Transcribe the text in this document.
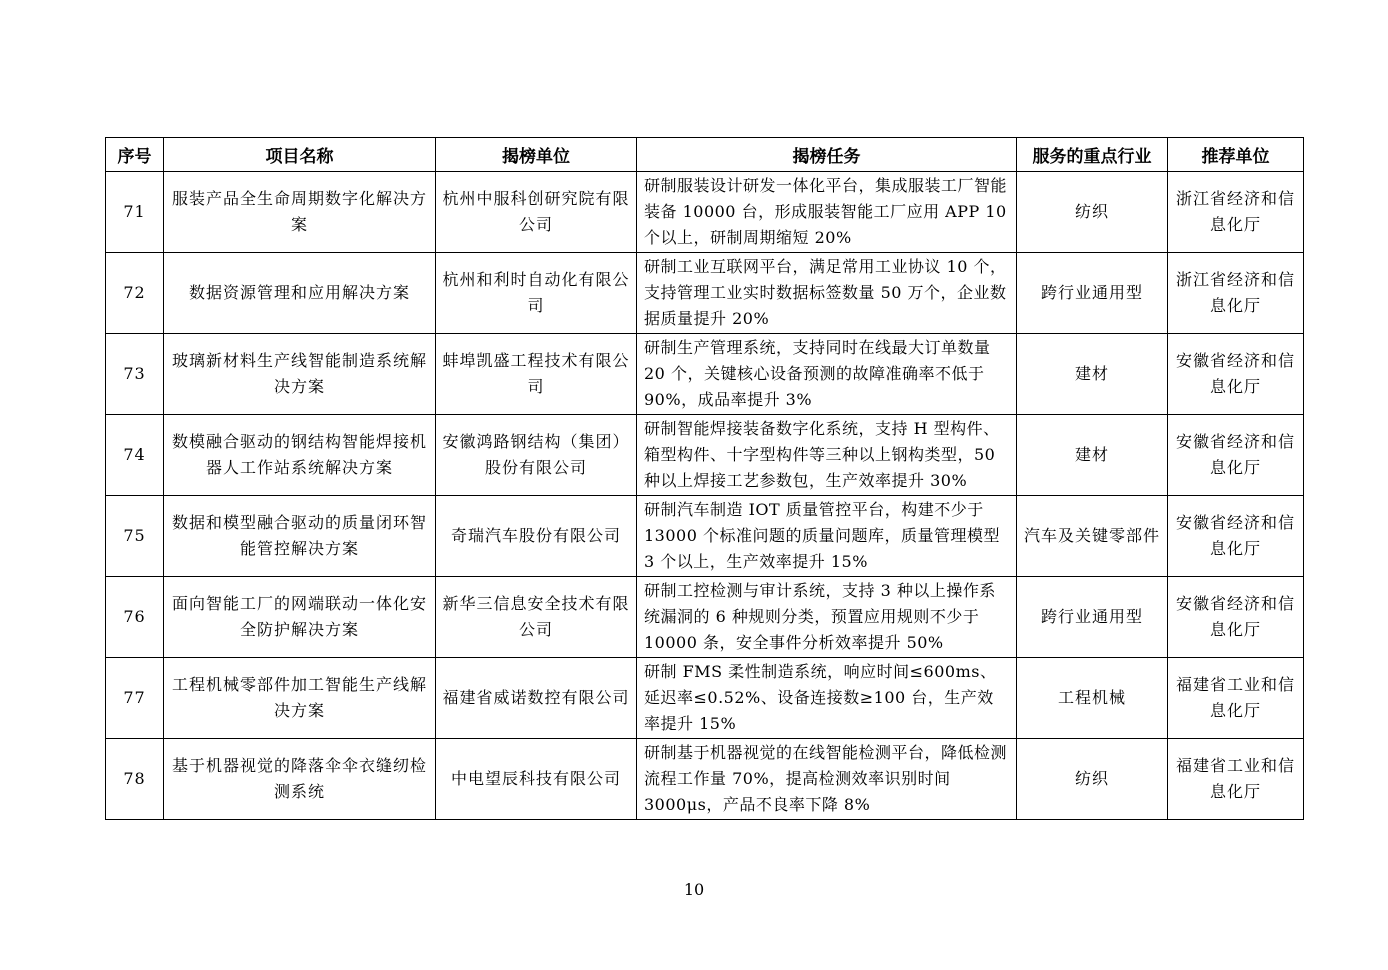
序号	项目名称	揭榜单位	揭榜任务	服务的重点行业	推荐单位
71	服装产品全生命周期数字化解决方案	杭州中服科创研究院有限公司	研制服装设计研发一体化平台，集成服装工厂智能装备 10000 台，形成服装智能工厂应用 APP 10 个以上，研制周期缩短 20%	纺织	浙江省经济和信息化厅
72	数据资源管理和应用解决方案	杭州和利时自动化有限公司	研制工业互联网平台，满足常用工业协议 10 个，支持管理工业实时数据标签数量 50 万个，企业数据质量提升 20%	跨行业通用型	浙江省经济和信息化厅
73	玻璃新材料生产线智能制造系统解决方案	蚌埠凯盛工程技术有限公司	研制生产管理系统，支持同时在线最大订单数量 20 个，关键核心设备预测的故障准确率不低于 90%，成品率提升 3%	建材	安徽省经济和信息化厅
74	数模融合驱动的钢结构智能焊接机器人工作站系统解决方案	安徽鸿路钢结构（集团）股份有限公司	研制智能焊接装备数字化系统，支持 H 型构件、箱型构件、十字型构件等三种以上钢构类型，50 种以上焊接工艺参数包，生产效率提升 30%	建材	安徽省经济和信息化厅
75	数据和模型融合驱动的质量闭环智能管控解决方案	奇瑞汽车股份有限公司	研制汽车制造 IOT 质量管控平台，构建不少于 13000 个标准问题的质量问题库，质量管理模型 3 个以上，生产效率提升 15%	汽车及关键零部件	安徽省经济和信息化厅
76	面向智能工厂的网端联动一体化安全防护解决方案	新华三信息安全技术有限公司	研制工控检测与审计系统，支持 3 种以上操作系统漏洞的 6 种规则分类，预置应用规则不少于 10000 条，安全事件分析效率提升 50%	跨行业通用型	安徽省经济和信息化厅
77	工程机械零部件加工智能生产线解决方案	福建省威诺数控有限公司	研制 FMS 柔性制造系统，响应时间≤600ms、延迟率≤0.52%、设备连接数≥100 台，生产效率提升 15%	工程机械	福建省工业和信息化厅
78	基于机器视觉的降落伞伞衣缝纫检测系统	中电望辰科技有限公司	研制基于机器视觉的在线智能检测平台，降低检测流程工作量 70%，提高检测效率识别时间 3000μs，产品不良率下降 8%	纺织	福建省工业和信息化厅
10
